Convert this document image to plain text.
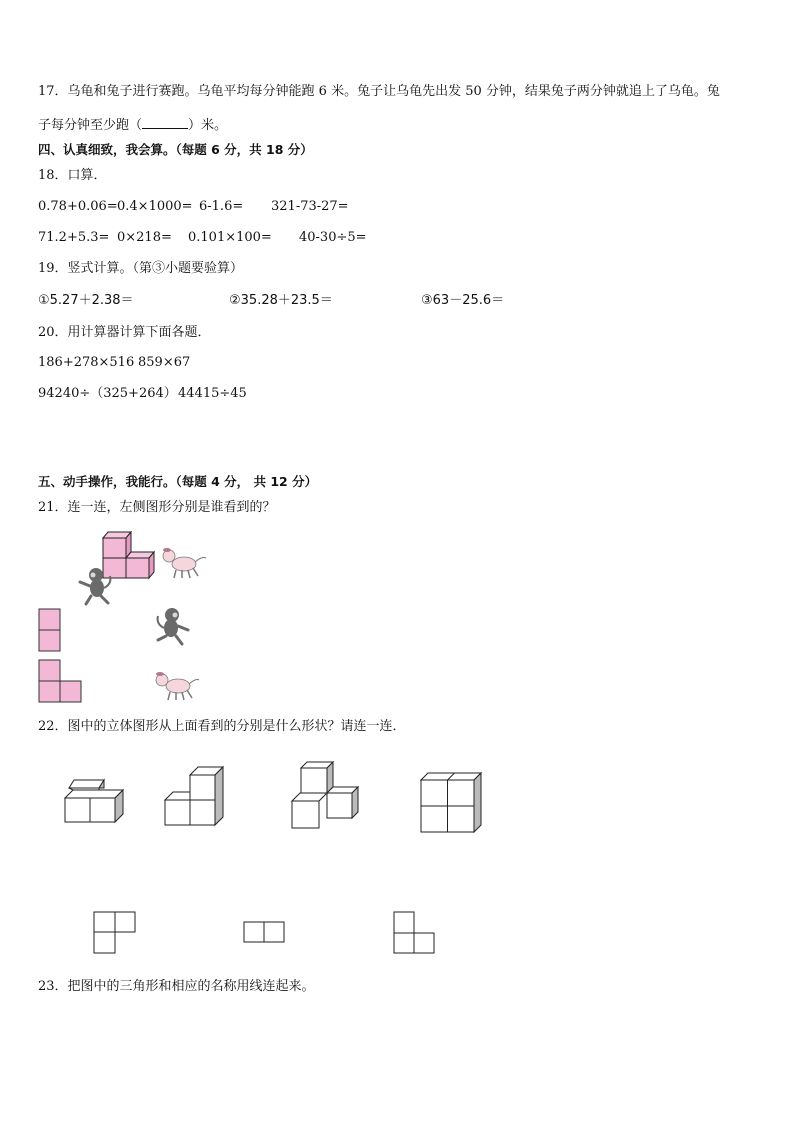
17．乌龟和兔子进行赛跑。乌龟平均每分钟能跑 6 米。兔子让乌龟先出发 50 分钟，结果兔子两分钟就追上了乌龟。兔
子每分钟至少跑（	）米。
四、认真细致，我会算。（每题 6 分，共 18 分）
18．口算．
0.78+0.06= 0.4×1000= 6-1.6= 321-73-27=
71.2+5.3= 0×218= 0.101×100= 40-30÷5=
19．竖式计算。（第③小题要验算）
①5.27＋2.38＝	②35.28＋23.5＝	③63－25.6＝
20．用计算器计算下面各题．
186+278×516 859×67
94240÷（325+264） 44415÷45
五、动手操作，我能行。（每题 4 分， 共 12 分）
21．连一连，左侧图形分别是谁看到的？
22．图中的立体图形从上面看到的分别是什么形状？请连一连．
23．把图中的三角形和相应的名称用线连起来。
